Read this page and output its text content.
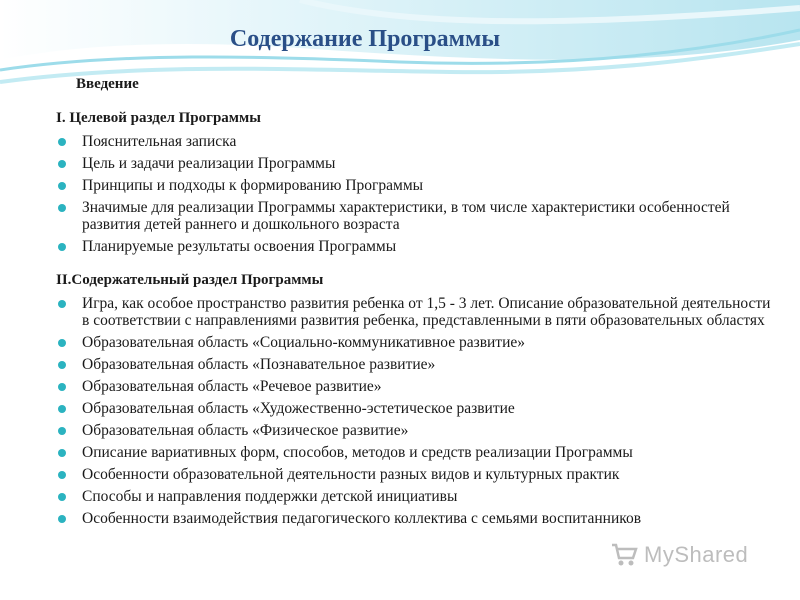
Содержание Программы
Введение
I. Целевой раздел Программы
Пояснительная записка
Цель и задачи реализации Программы
Принципы и подходы к формированию Программы
Значимые для реализации Программы характеристики, в том числе характеристики особенностей развития детей раннего и дошкольного возраста
Планируемые результаты освоения Программы
II.Содержательный раздел Программы
Игра, как особое пространство развития ребенка от 1,5 - 3 лет. Описание образовательной деятельности в соответствии с направлениями развития ребенка, представленными в пяти образовательных областях
Образовательная область «Социально-коммуникативное развитие»
Образовательная область «Познавательное развитие»
Образовательная область «Речевое развитие»
Образовательная область «Художественно-эстетическое развитие
Образовательная область «Физическое развитие»
Описание вариативных форм, способов, методов и средств реализации Программы
Особенности образовательной деятельности разных видов и культурных практик
Способы и направления поддержки детской инициативы
Особенности взаимодействия педагогического коллектива с семьями воспитанников
MyShared
